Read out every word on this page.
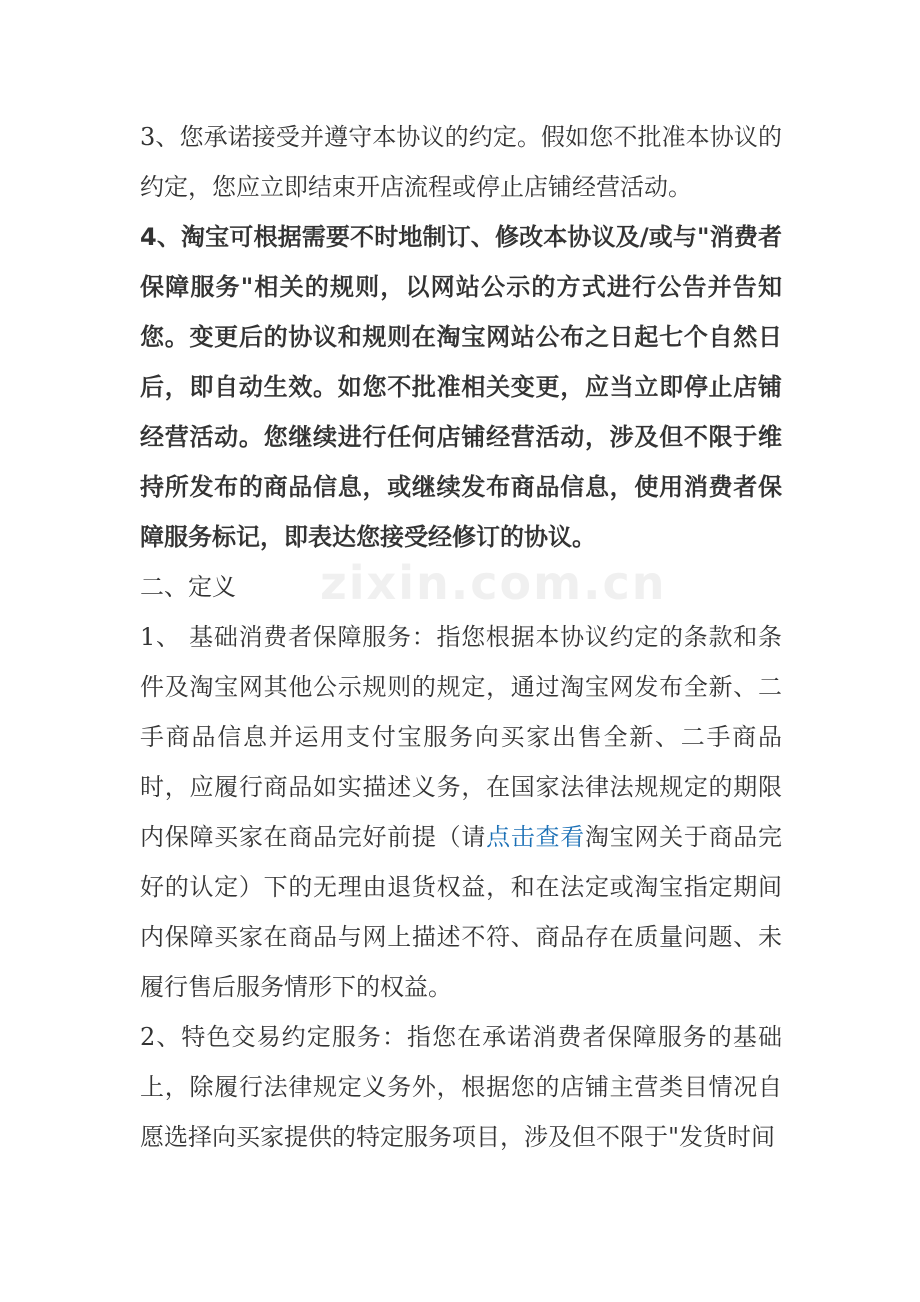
zixin.com.cn

3、您承诺接受并遵守本协议的约定。假如您不批准本协议的约定，您应立即结束开店流程或停止店铺经营活动。

4、淘宝可根据需要不时地制订、修改本协议及/或与"消费者保障服务"相关的规则，以网站公示的方式进行公告并告知您。变更后的协议和规则在淘宝网站公布之日起七个自然日后，即自动生效。如您不批准相关变更，应当立即停止店铺经营活动。您继续进行任何店铺经营活动，涉及但不限于维持所发布的商品信息，或继续发布商品信息，使用消费者保障服务标记，即表达您接受经修订的协议。

二、定义

1、 基础消费者保障服务：指您根据本协议约定的条款和条件及淘宝网其他公示规则的规定，通过淘宝网发布全新、二手商品信息并运用支付宝服务向买家出售全新、二手商品时，应履行商品如实描述义务，在国家法律法规规定的期限内保障买家在商品完好前提（请点击查看淘宝网关于商品完好的认定）下的无理由退货权益，和在法定或淘宝指定期间内保障买家在商品与网上描述不符、商品存在质量问题、未履行售后服务情形下的权益。

2、特色交易约定服务：指您在承诺消费者保障服务的基础上，除履行法律规定义务外，根据您的店铺主营类目情况自愿选择向买家提供的特定服务项目，涉及但不限于"发货时间
